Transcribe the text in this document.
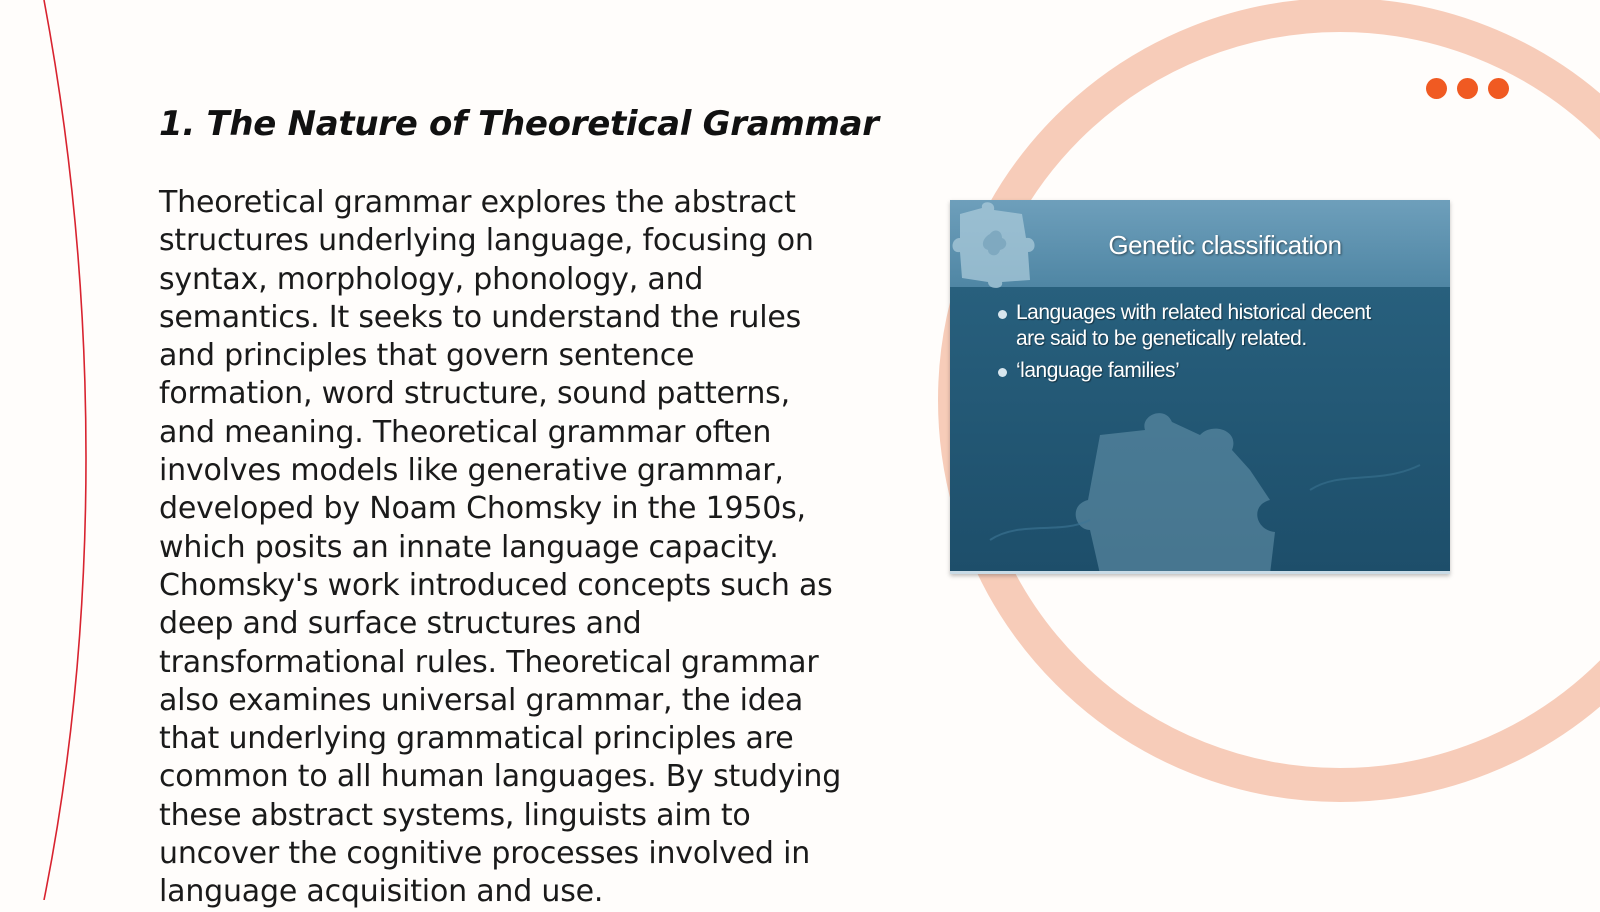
1. The Nature of Theoretical Grammar

Theoretical grammar explores the abstract structures underlying language, focusing on syntax, morphology, phonology, and semantics. It seeks to understand the rules and principles that govern sentence formation, word structure, sound patterns, and meaning. Theoretical grammar often involves models like generative grammar, developed by Noam Chomsky in the 1950s, which posits an innate language capacity. Chomsky's work introduced concepts such as deep and surface structures and transformational rules. Theoretical grammar also examines universal grammar, the idea that underlying grammatical principles are common to all human languages. By studying these abstract systems, linguists aim to uncover the cognitive processes involved in language acquisition and use.

Genetic classification
Languages with related historical decent are said to be genetically related.
‘language families’
